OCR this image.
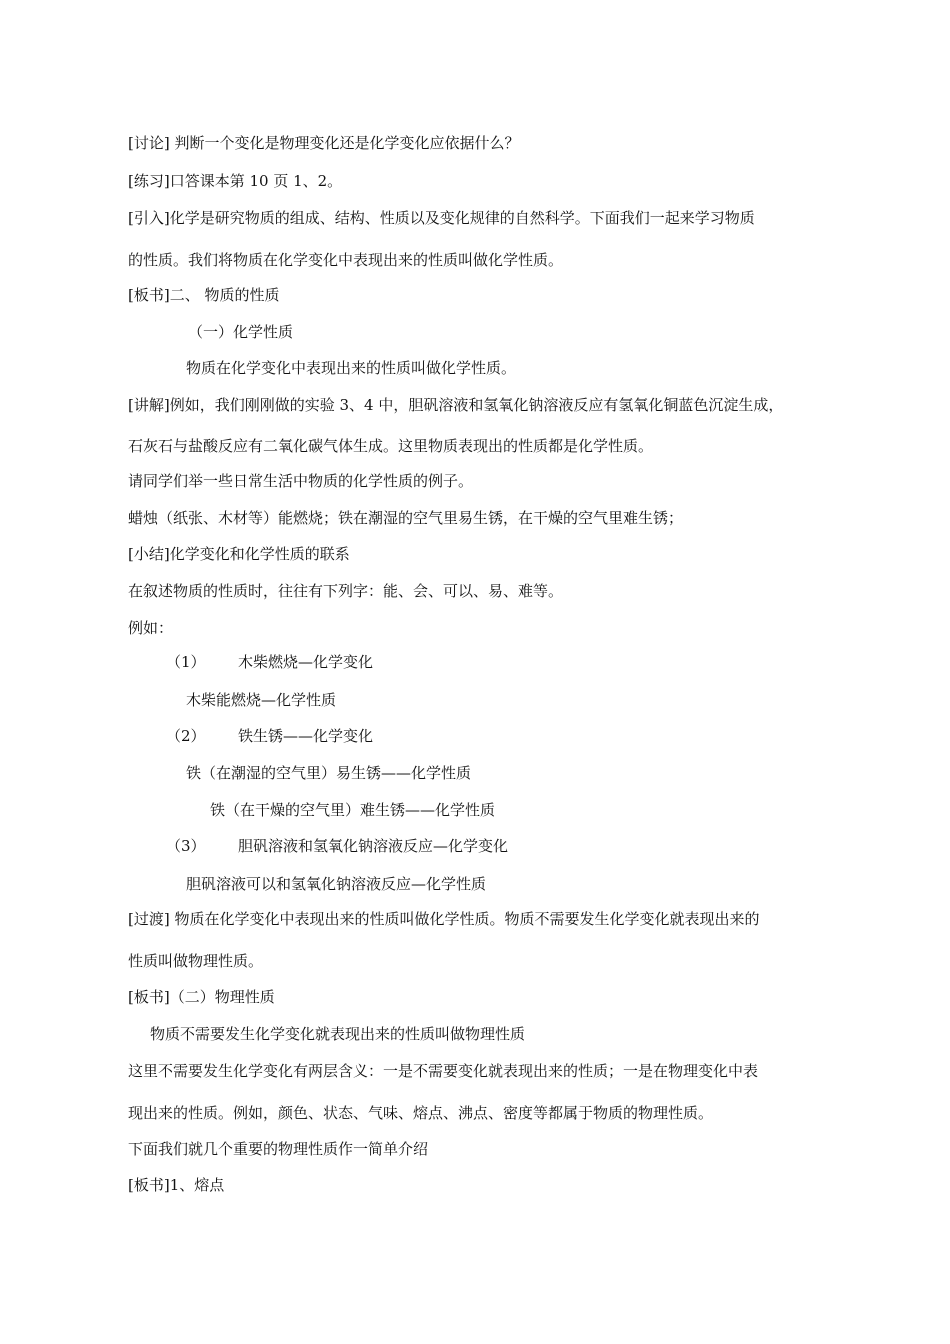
[讨论] 判断一个变化是物理变化还是化学变化应依据什么？
[练习]口答课本第 10 页 1、2。
[引入]化学是研究物质的组成、结构、性质以及变化规律的自然科学。下面我们一起来学习物质
的性质。我们将物质在化学变化中表现出来的性质叫做化学性质。
[板书]二、 物质的性质
（一）化学性质
物质在化学变化中表现出来的性质叫做化学性质。
[讲解]例如，我们刚刚做的实验 3、4 中，胆矾溶液和氢氧化钠溶液反应有氢氧化铜蓝色沉淀生成，
石灰石与盐酸反应有二氧化碳气体生成。这里物质表现出的性质都是化学性质。
请同学们举一些日常生活中物质的化学性质的例子。
蜡烛（纸张、木材等）能燃烧；铁在潮湿的空气里易生锈，在干燥的空气里难生锈；
[小结]化学变化和化学性质的联系
在叙述物质的性质时，往往有下列字：能、会、可以、易、难等。
例如：
（1） 木柴燃烧—化学变化
木柴能燃烧—化学性质
（2） 铁生锈——化学变化
铁（在潮湿的空气里）易生锈——化学性质
铁（在干燥的空气里）难生锈——化学性质
（3） 胆矾溶液和氢氧化钠溶液反应—化学变化
胆矾溶液可以和氢氧化钠溶液反应—化学性质
[过渡] 物质在化学变化中表现出来的性质叫做化学性质。物质不需要发生化学变化就表现出来的
性质叫做物理性质。
[板书]（二）物理性质
物质不需要发生化学变化就表现出来的性质叫做物理性质
这里不需要发生化学变化有两层含义：一是不需要变化就表现出来的性质；一是在物理变化中表
现出来的性质。例如，颜色、状态、气味、熔点、沸点、密度等都属于物质的物理性质。
下面我们就几个重要的物理性质作一简单介绍
[板书]1、熔点
